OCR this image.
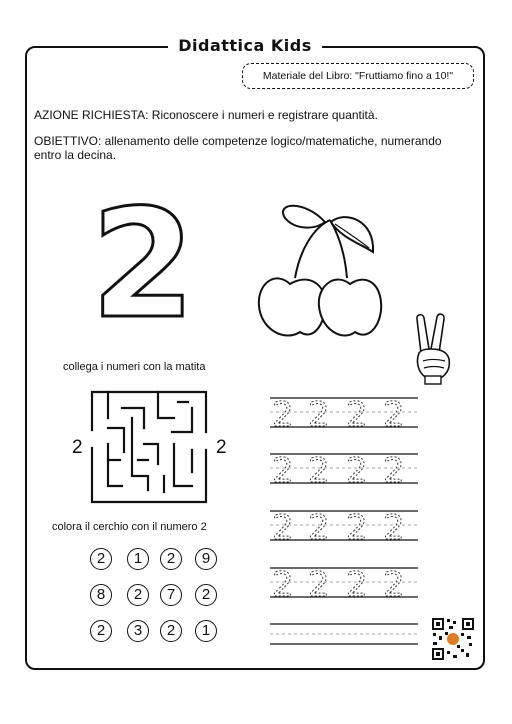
Didattica Kids
Materiale del Libro: "Fruttiamo fino a 10!"
AZIONE RICHIESTA: Riconoscere i numeri e registrare quantità.
OBIETTIVO: allenamento delle competenze logico/matematiche, numerando entro la decina.
2
collega i numeri con la matita
2	2
colora il cerchio con il numero 2
2	1	2	9
8	2	7	2
2	3	2	1
2 2 2 2
2 2 2 2
2 2 2 2
2 2 2 2
